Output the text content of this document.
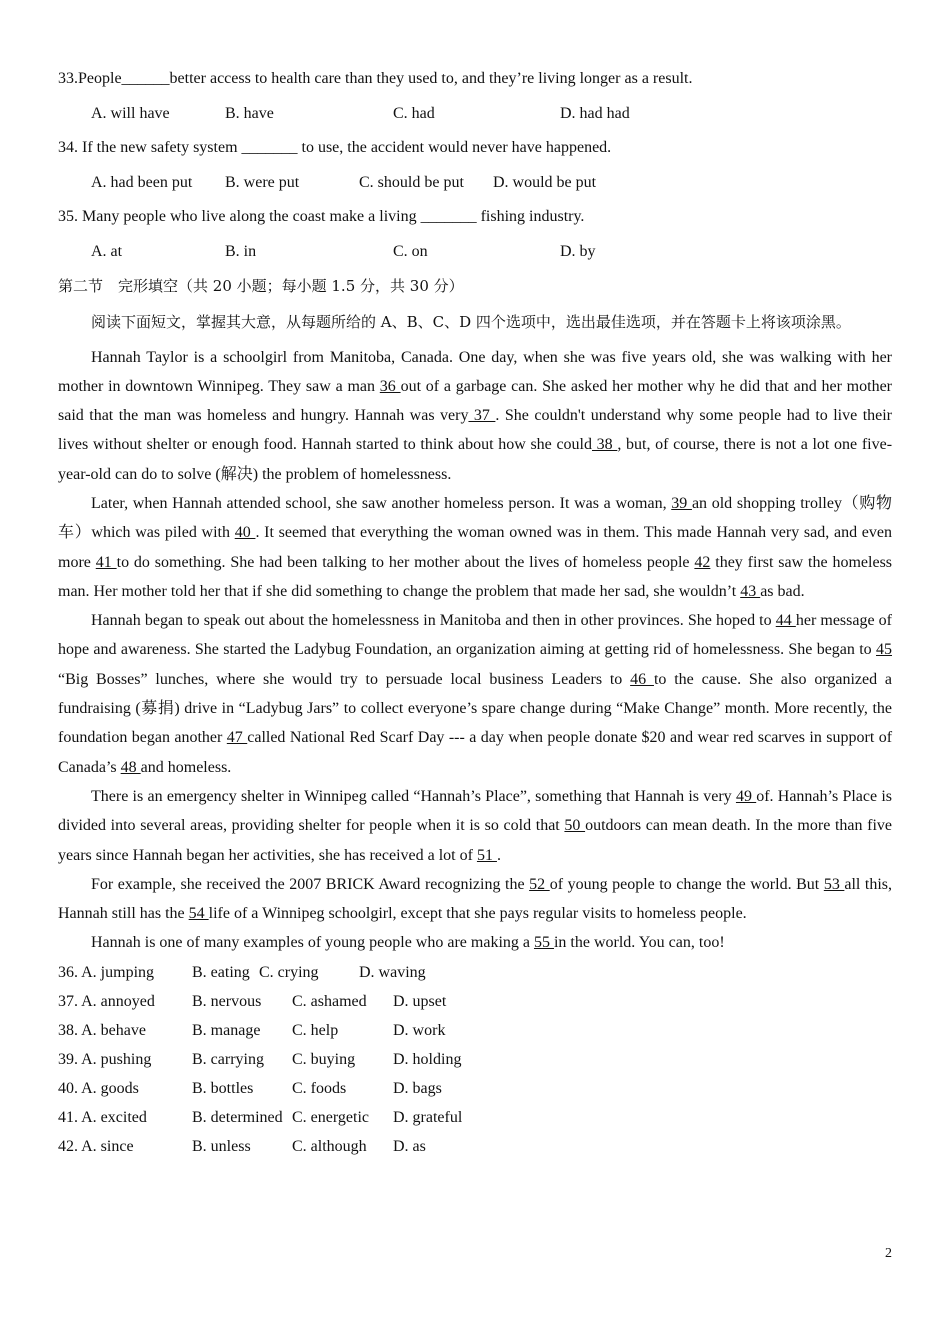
33.People______better access to health care than they used to, and they’re living longer as a result.
A. will have	B. have	C. had	D. had had
34. If the new safety system _______ to use, the accident would never have happened.
A. had been put B. were put	C. should be put D. would be put
35. Many people who live along the coast make a living _______ fishing industry.
A. at	B. in	C. on	D. by
第二节　完形填空（共 20 小题；每小题 1.5 分，共 30 分）

阅读下面短文，掌握其大意，从每题所给的 A、B、C、D 四个选项中，选出最佳选项，并在答题卡上将该项涂黑。

Hannah Taylor is a schoolgirl from Manitoba, Canada. One day, when she was five years old, she was walking with her mother in downtown Winnipeg. They saw a man 36 out of a garbage can. She asked her mother why he did that and her mother said that the man was homeless and hungry. Hannah was very 37 . She couldn't understand why some people had to live their lives without shelter or enough food. Hannah started to think about how she could 38 , but, of course, there is not a lot one five-year-old can do to solve (解决) the problem of homelessness.

Later, when Hannah attended school, she saw another homeless person. It was a woman, 39 an old shopping trolley（购物车）which was piled with 40 . It seemed that everything the woman owned was in them. This made Hannah very sad, and even more 41 to do something. She had been talking to her mother about the lives of homeless people 42 they first saw the homeless man. Her mother told her that if she did something to change the problem that made her sad, she wouldn’t 43 as bad.

Hannah began to speak out about the homelessness in Manitoba and then in other provinces. She hoped to 44 her message of hope and awareness. She started the Ladybug Foundation, an organization aiming at getting rid of homelessness. She began to 45 “Big Bosses” lunches, where she would try to persuade local business Leaders to 46 to the cause. She also organized a fundraising (募捐) drive in “Ladybug Jars” to collect everyone’s spare change during “Make Change” month. More recently, the foundation began another 47 called National Red Scarf Day --- a day when people donate $20 and wear red scarves in support of Canada’s 48 and homeless.

There is an emergency shelter in Winnipeg called “Hannah’s Place”, something that Hannah is very 49 of. Hannah’s Place is divided into several areas, providing shelter for people when it is so cold that 50 outdoors can mean death. In the more than five years since Hannah began her activities, she has received a lot of 51 .

For example, she received the 2007 BRICK Award recognizing the 52 of young people to change the world. But 53 all this, Hannah still has the 54 life of a Winnipeg schoolgirl, except that she pays regular visits to homeless people.

Hannah is one of many examples of young people who are making a 55 in the world. You can, too!

36. A. jumping B. eating C. crying	D. waving
37. A. annoyed B. nervous C. ashamed D. upset
38. A. behave	B. manage C. help	D. work
39. A. pushing	B. carrying C. buying D. holding
40. A. goods	B. bottles C. foods	D. bags
41. A. excited	B. determined C. energetic D. grateful
42. A. since	B. unless	C. although D. as
2
